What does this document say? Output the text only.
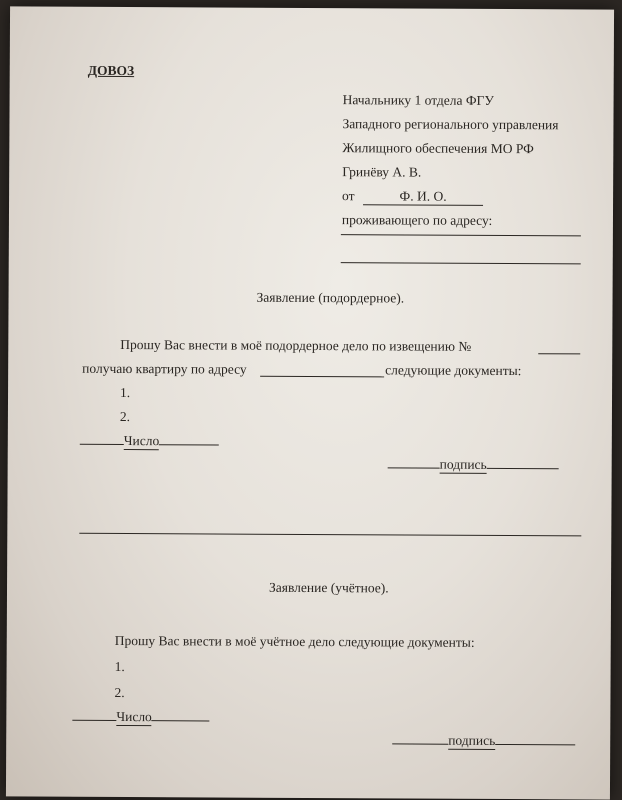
ДОВОЗ
Начальнику 1 отдела ФГУ
Западного регионального управления
Жилищного обеспечения МО РФ
Гринёву А. В.
от	Ф. И. О.
проживающего по адресу:
Заявление (подордерное).
Прошу Вас внести в моё подордерное дело по извещению №
получаю квартиру по адресу	следующие документы:
1.
2.
Число
подпись
Заявление (учётное).
Прошу Вас внести в моё учётное дело следующие документы:
1.
2.
Число
подпись
